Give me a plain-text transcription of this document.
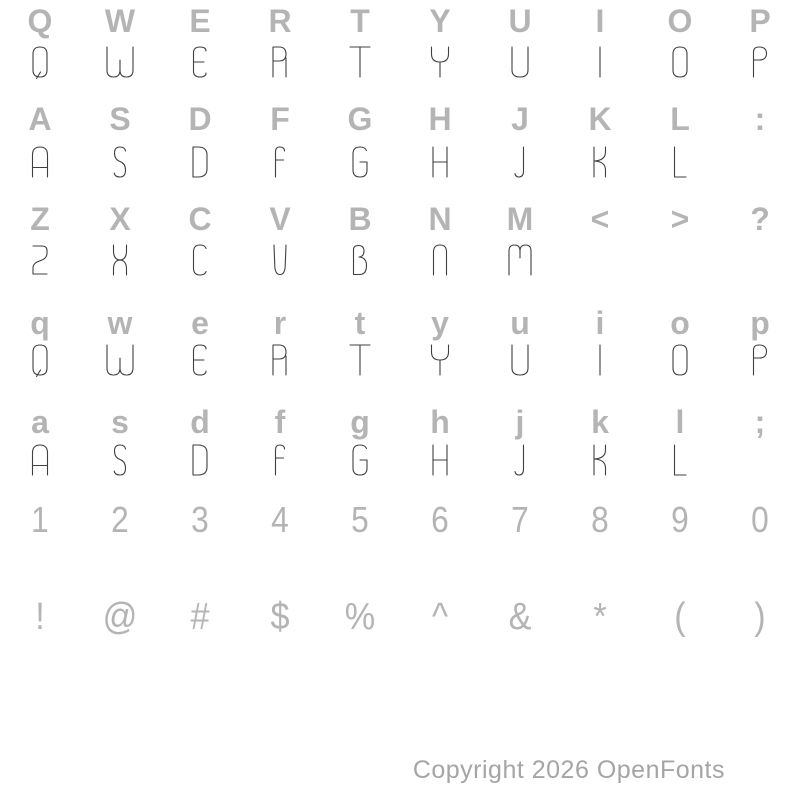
Q	W	E	R	T	Y	U	I	O	P
A	S	D	F	G	H	J	K	L	:
Z	X	C	V	B	N	M	<	>	?
q	w	e	r	t	y	u	i	o	p
a	s	d	f	g	h	j	k	l	;
1	2	3	4	5	6	7	8	9	0
!	@	#	$	%	^	&	*	(	)
Copyright 2026 OpenFonts
